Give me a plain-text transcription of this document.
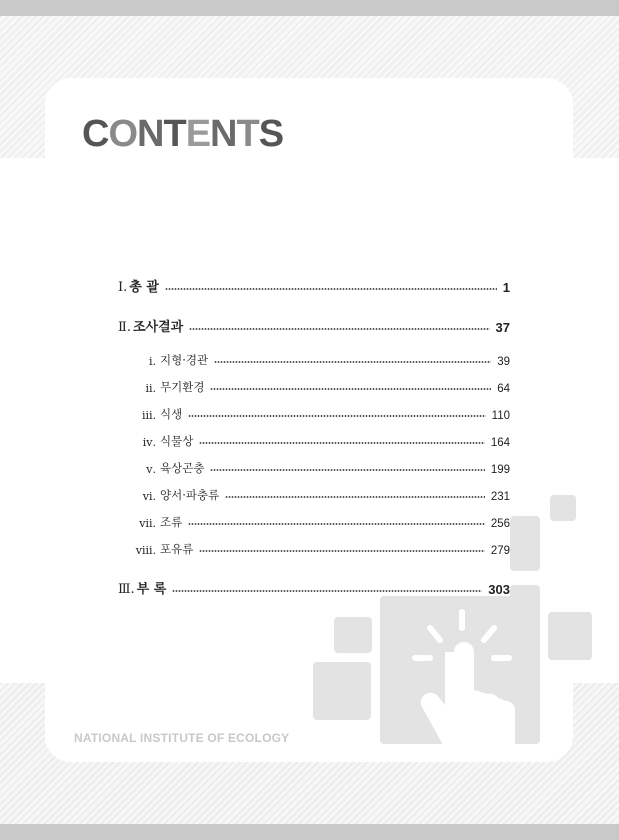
CONTENTS
Ⅰ. 총 괄	1
Ⅱ. 조사결과	37
ⅰ. 지형·경관	39
ⅱ. 무기환경	64
ⅲ. 식생	110
ⅳ. 식물상	164
ⅴ. 육상곤충	199
ⅵ. 양서·파충류	231
ⅶ. 조류	256
ⅷ. 포유류	279
Ⅲ. 부 록	303
NATIONAL INSTITUTE OF ECOLOGY
